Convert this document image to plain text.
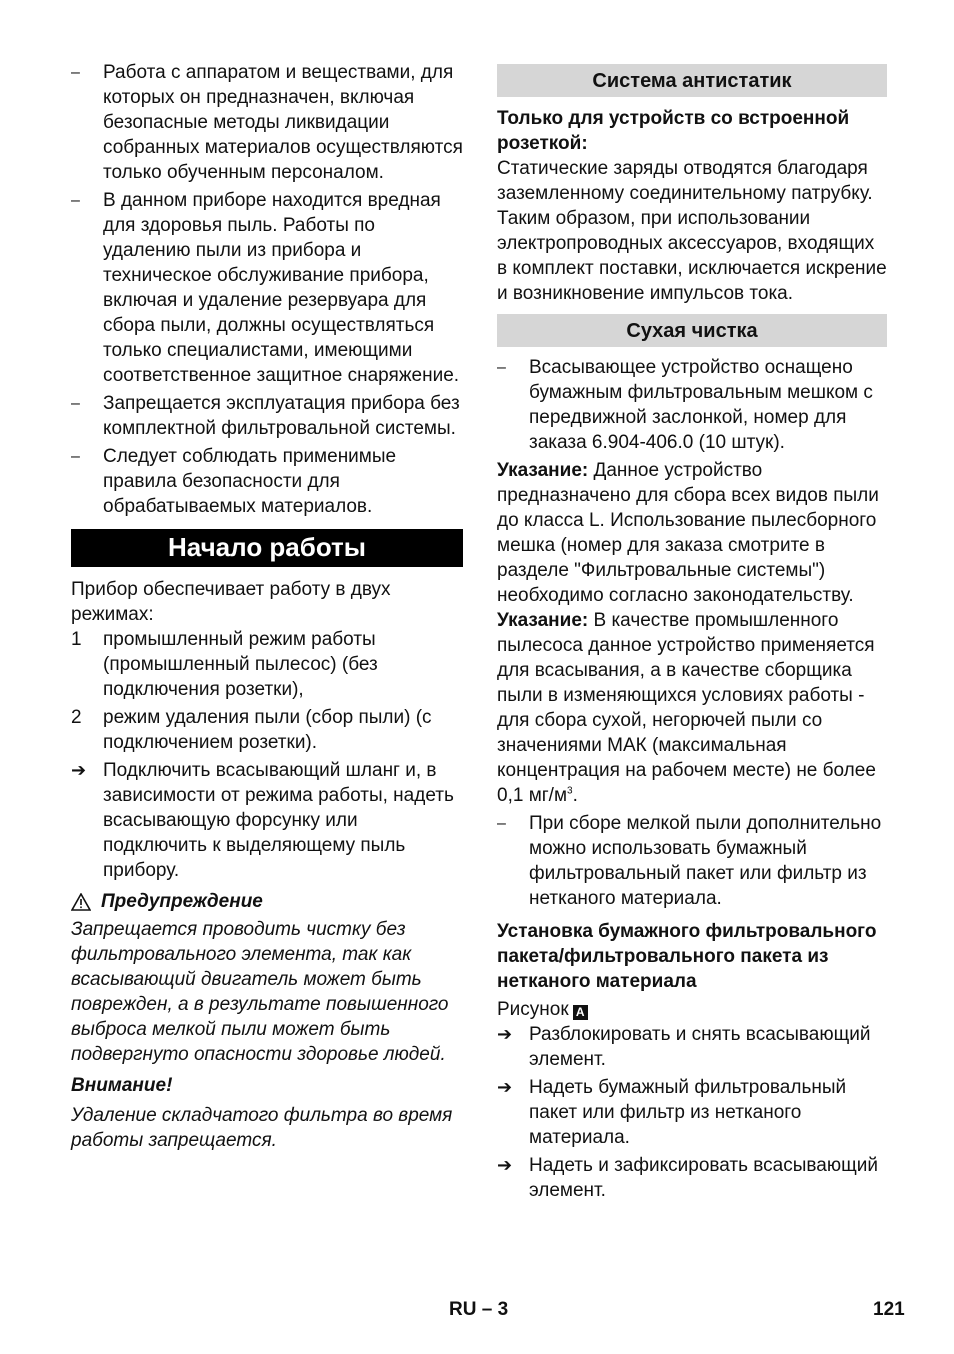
–	Работа с аппаратом и веществами, для которых он предназначен, включая безопасные методы ликвидации собранных материалов осуществляются только обученным персоналом.
–	В данном приборе находится вредная для здоровья пыль. Работы по удалению пыли из прибора и техническое обслуживание прибора, включая и удаление резервуара для сбора пыли, должны осуществляться только специалистами, имеющими соответственное защитное снаряжение.
–	Запрещается эксплуатация прибора без комплектной фильтровальной системы.
–	Следует соблюдать применимые правила безопасности для обрабатываемых материалов.
Начало работы

Прибор обеспечивает работу в двух режимах:

1	промышленный режим работы (промышленный пылесос) (без подключения розетки),
2	режим удаления пыли (сбор пыли) (с подключением розетки).
➔ Подключить всасывающий шланг и, в зависимости от режима работы, надеть всасывающую форсунку или подключить к выделяющему пыль прибору.
Предупреждение

Запрещается проводить чистку без фильтровального элемента, так как всасывающий двигатель может быть поврежден, а в результате повышенного выброса мелкой пыли может быть подвергнуто опасности здоровье людей.

Внимание!

Удаление складчатого фильтра во время работы запрещается.

Система антистатик

Только для устройств со встроенной розеткой:

Статические заряды отводятся благодаря заземленному соединительному патрубку. Таким образом, при использовании электропроводных аксессуаров, входящих в комплект поставки, исключается искрение и возникновение импульсов тока.

Сухая чистка
–	Всасывающее устройство оснащено бумажным фильтровальным мешком с передвижной заслонкой, номер для заказа 6.904-406.0 (10 штук).

Указание: Данное устройство предназначено для сбора всех видов пыли до класса L. Использование пылесборного мешка (номер для заказа смотрите в разделе "Фильтровальные системы") необходимо согласно законодательству.

Указание: В качестве промышленного пылесоса данное устройство применяется для всасывания, а в качестве сборщика пыли в изменяющихся условиях работы - для сбора сухой, негорючей пыли со значениями МАК (максимальная концентрация на рабочем месте) не более 0,1 $мг/м^3$.

–	При сборе мелкой пыли дополнительно можно использовать бумажный фильтровальный пакет или фильтр из нетканого материала.

Установка бумажного фильтровального пакета/фильтровального пакета из нетканого материала

Рисунок A

➔ Разблокировать и снять всасывающий элемент.
➔ Надеть бумажный фильтровальный пакет или фильтр из нетканого материала.
➔ Надеть и зафиксировать всасывающий элемент.
RU – 3	121
